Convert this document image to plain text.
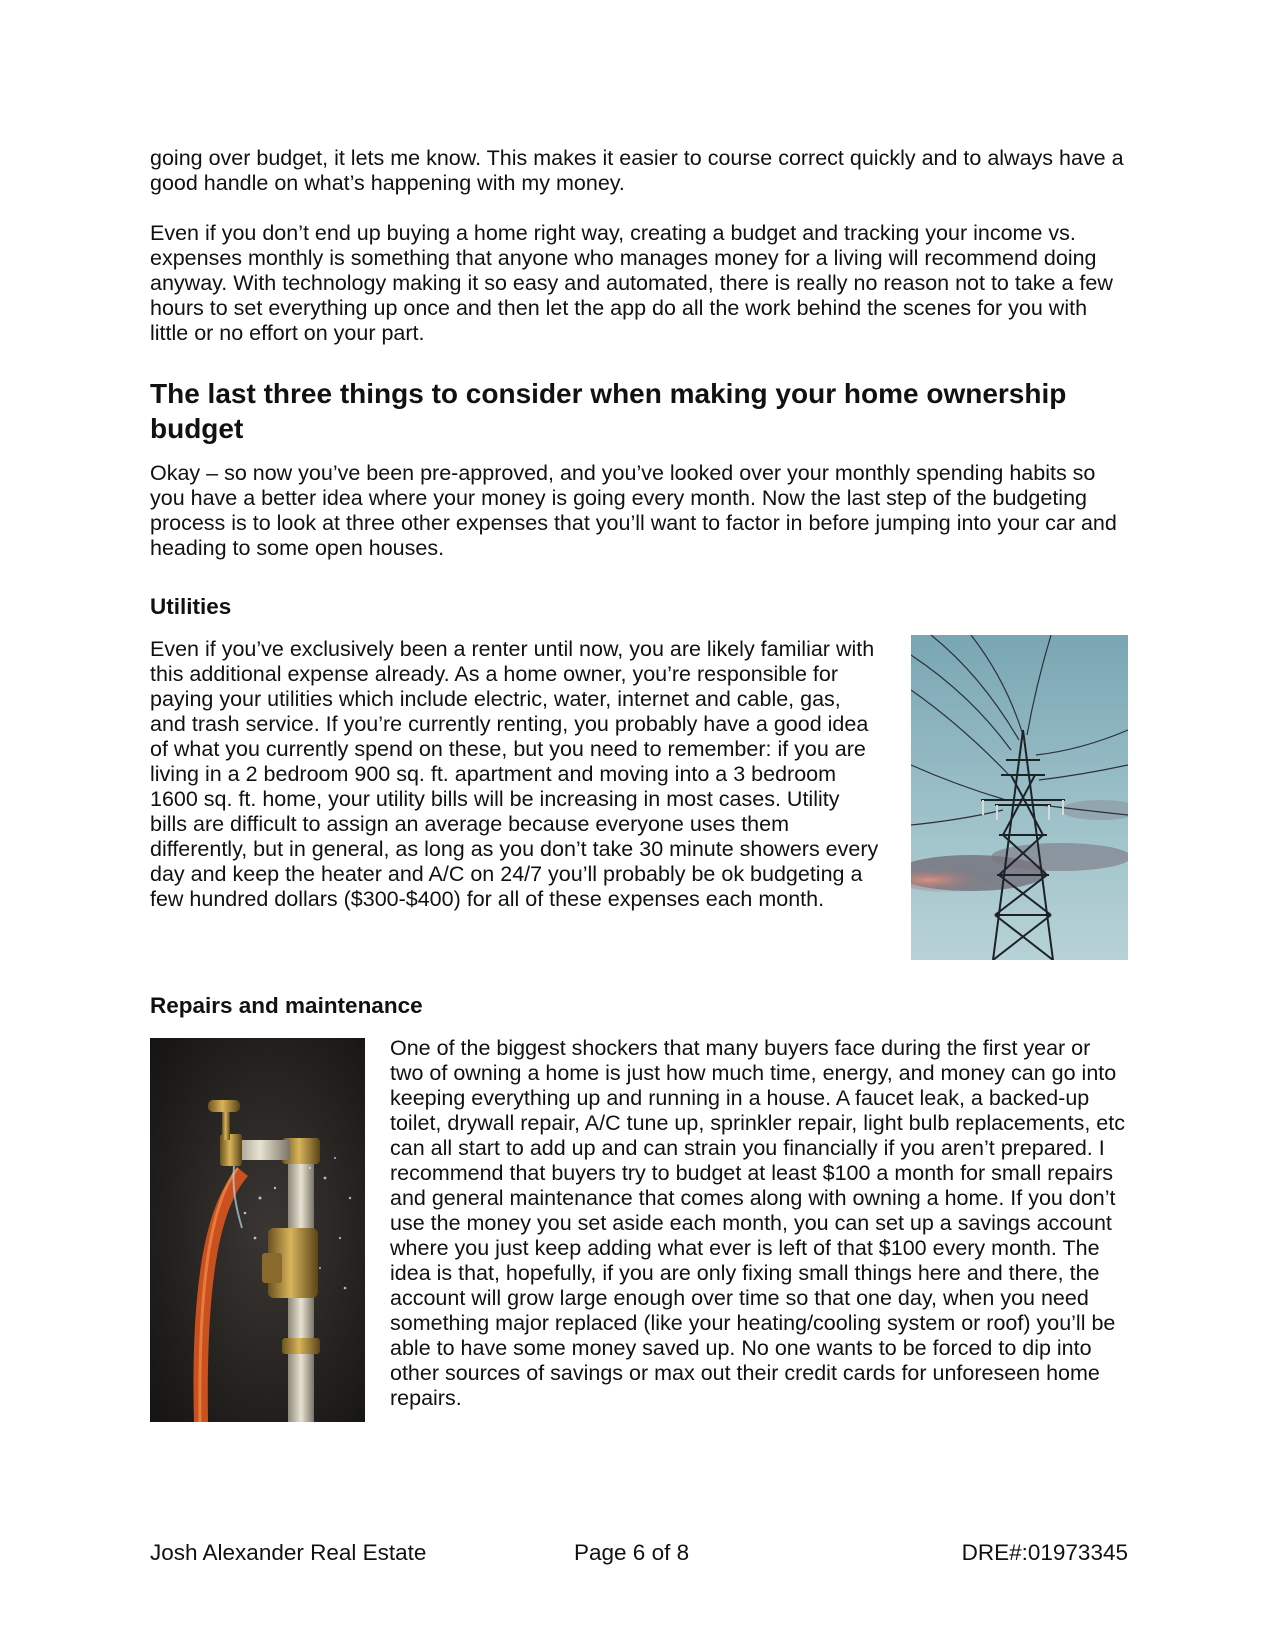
going over budget, it lets me know. This makes it easier to course correct quickly and to always have a good handle on what’s happening with my money.

Even if you don’t end up buying a home right way, creating a budget and tracking your income vs. expenses monthly is something that anyone who manages money for a living will recommend doing anyway. With technology making it so easy and automated, there is really no reason not to take a few hours to set everything up once and then let the app do all the work behind the scenes for you with little or no effort on your part.

The last three things to consider when making your home ownership budget

Okay – so now you’ve been pre-approved, and you’ve looked over your monthly spending habits so you have a better idea where your money is going every month. Now the last step of the budgeting process is to look at three other expenses that you’ll want to factor in before jumping into your car and heading to some open houses.

Utilities

Even if you’ve exclusively been a renter until now, you are likely familiar with this additional expense already. As a home owner, you’re responsible for paying your utilities which include electric, water, internet and cable, gas, and trash service. If you’re currently renting, you probably have a good idea of what you currently spend on these, but you need to remember: if you are living in a 2 bedroom 900 sq. ft. apartment and moving into a 3 bedroom 1600 sq. ft. home, your utility bills will be increasing in most cases. Utility bills are difficult to assign an average because everyone uses them differently, but in general, as long as you don’t take 30 minute showers every day and keep the heater and A/C on 24/7 you’ll probably be ok budgeting a few hundred dollars ($300-$400) for all of these expenses each month.

Repairs and maintenance

One of the biggest shockers that many buyers face during the first year or two of owning a home is just how much time, energy, and money can go into keeping everything up and running in a house. A faucet leak, a backed-up toilet, drywall repair, A/C tune up, sprinkler repair, light bulb replacements, etc can all start to add up and can strain you financially if you aren’t prepared. I recommend that buyers try to budget at least $100 a month for small repairs and general maintenance that comes along with owning a home. If you don’t use the money you set aside each month, you can set up a savings account where you just keep adding what ever is left of that $100 every month. The idea is that, hopefully, if you are only fixing small things here and there, the account will grow large enough over time so that one day, when you need something major replaced (like your heating/cooling system or roof) you’ll be able to have some money saved up. No one wants to be forced to dip into other sources of savings or max out their credit cards for unforeseen home repairs.

Josh Alexander Real Estate	Page 6 of 8	DRE#:01973345
